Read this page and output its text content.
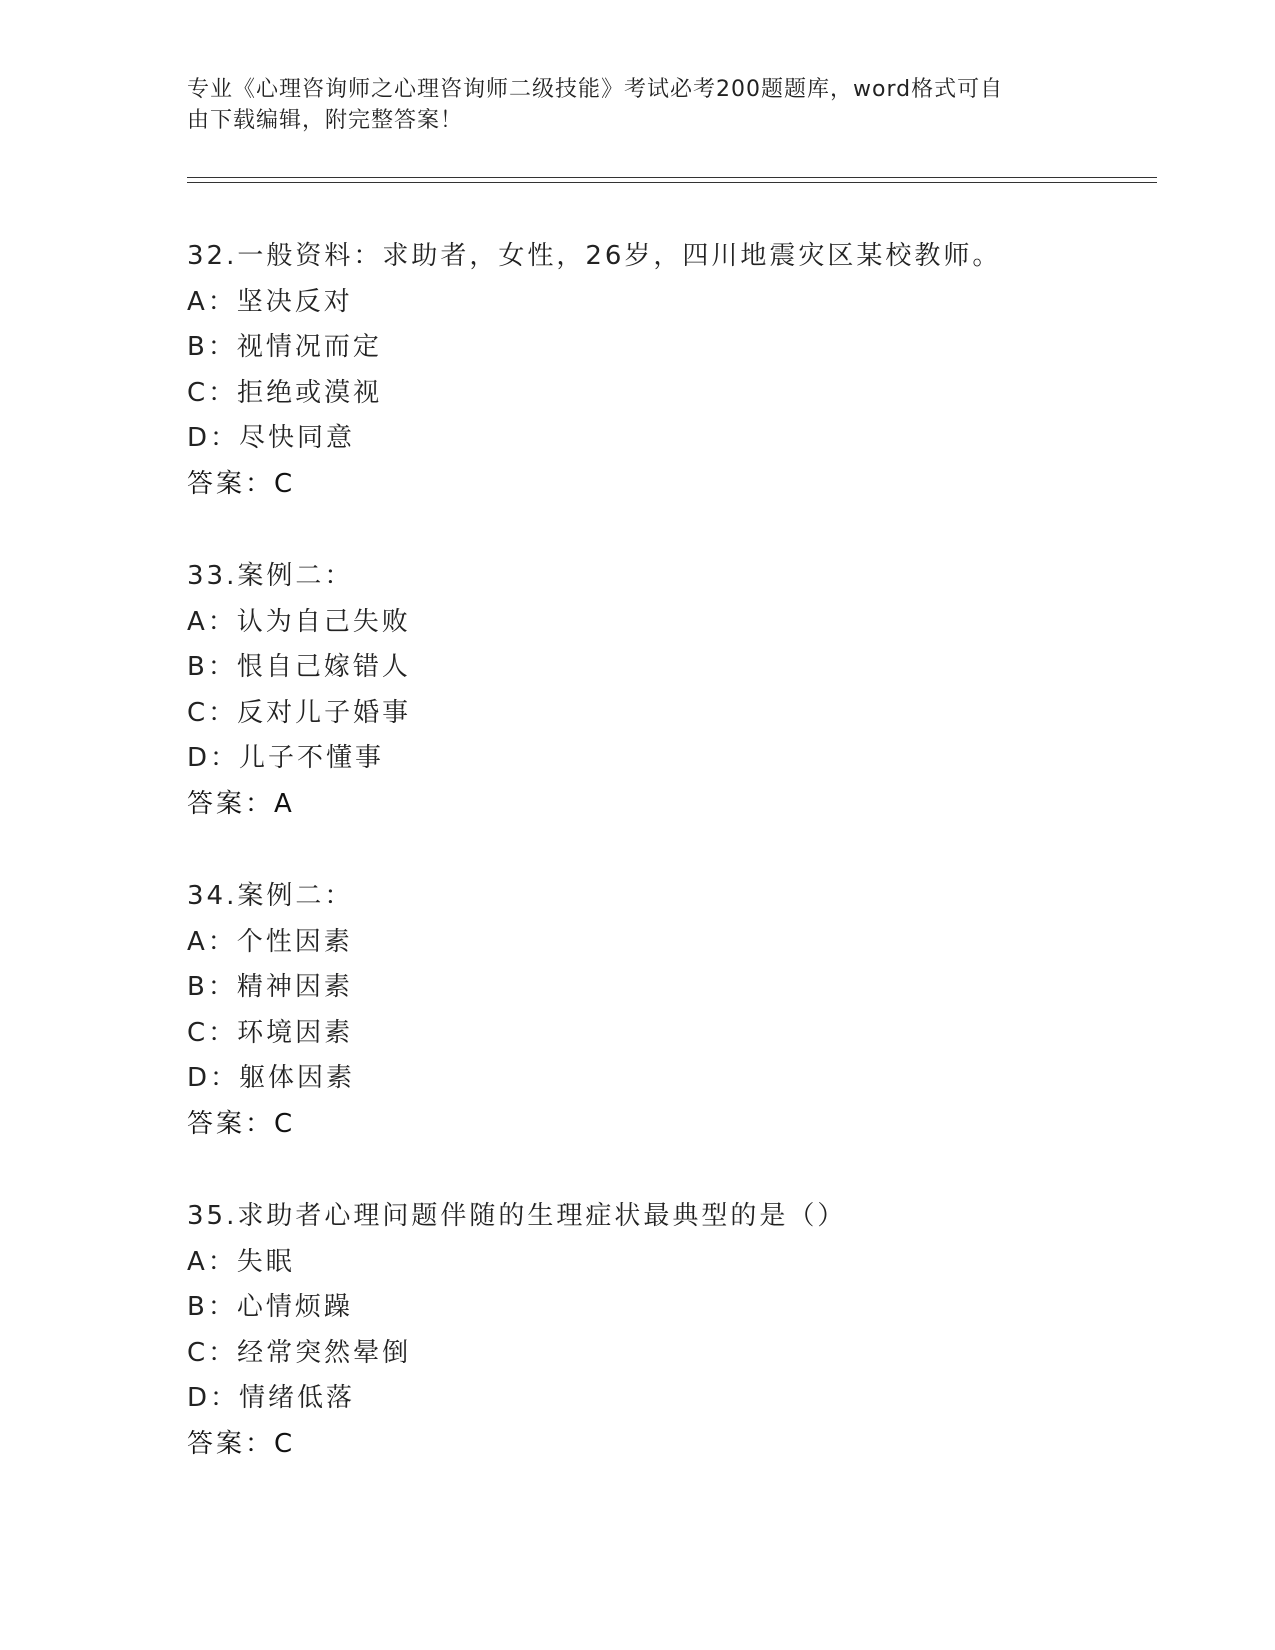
专业《心理咨询师之心理咨询师二级技能》考试必考200题题库，word格式可自
由下载编辑，附完整答案！
32.一般资料：求助者，女性，26岁，四川地震灾区某校教师。
A：坚决反对
B：视情况而定
C：拒绝或漠视
D：尽快同意
答案：C
33.案例二：
A：认为自己失败
B：恨自己嫁错人
C：反对儿子婚事
D：儿子不懂事
答案：A
34.案例二：
A：个性因素
B：精神因素
C：环境因素
D：躯体因素
答案：C
35.求助者心理问题伴随的生理症状最典型的是（）
A：失眠
B：心情烦躁
C：经常突然晕倒
D：情绪低落
答案：C
